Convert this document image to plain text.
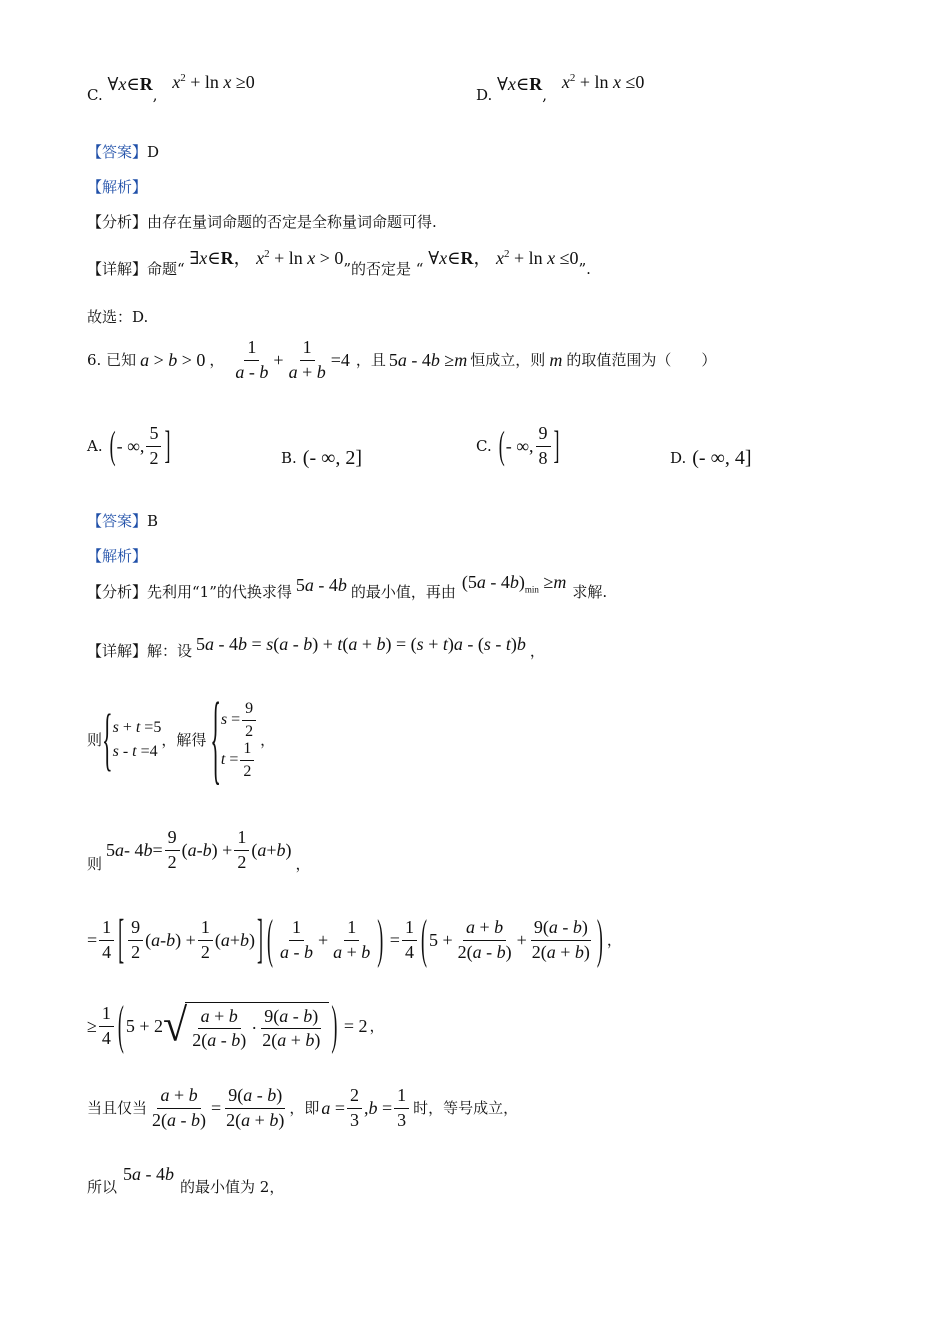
C. ∀x∈R, $x^2 + \ln x \ge 0$
D. ∀x∈R, $x^2 + \ln x \le 0$
【答案】D
【解析】
【分析】由存在量词命题的否定是全称量词命题可得.
【详解】命题“ ∃x∈R， $x^2 + \ln x > 0$”的否定是 “ ∀x∈R， $x^2 + \ln x \le 0$”.
故选：D.
6. 已知 a > b > 0 ， $\frac{1}{a - b} + \frac{1}{a + b} =4$ ，且 5a - 4b ≥m 恒成立，则 m 的取值范围为（　　）
A. ( - ∞, $\frac{5}{2}$ ]	B. (- ∞, 2]
C. ( - ∞, $\frac{9}{8}$ ]	D. (- ∞, 4]
【答案】B
【解析】
【分析】 先利用“1”的代换求得 5a - 4b 的最小值，再由 $(5a - 4b)_{min} \ge m$ 求解.
【详解】 解：设 5a - 4b = s(a - b) + t(a + b) = (s + t)a - (s - t)b ，
则 { s + t =5
s - t =4
，解得 { $s = \frac{9}{2}$
$t = \frac{1}{2}$ ，
则
5 a - 4 $b = \frac{9}{2}$ ( a - b ) + $\frac{1}{2}$ ( a + b )
，
= $\frac{1}{4}$ [ $\frac{9}{2}$ ( a - b ) + $\frac{1}{2}$ ( a + b ) ] ( $\frac{1}{a - b} + \frac{1}{a + b}$ ) = $\frac{1}{4}$ ( $5 + \frac{a + b}{2(a - b)} + \frac{9(a - b)}{2(a + b)}$ ) ，
≥ $\frac{1}{4}$ ( 5 + 2 √ $\frac{a + b}{2(a - b)} \cdot \frac{9(a - b)}{2(a + b)}$ ) = 2 ，
当且仅当 $\frac{a + b}{2(a - b)} = \frac{9(a - b)}{2(a + b)}$ ，即 $a = \frac{2}{3}$ , $b = \frac{1}{3}$ 时，等号成立，
所以
5a - 4b
的最小值为 2，
